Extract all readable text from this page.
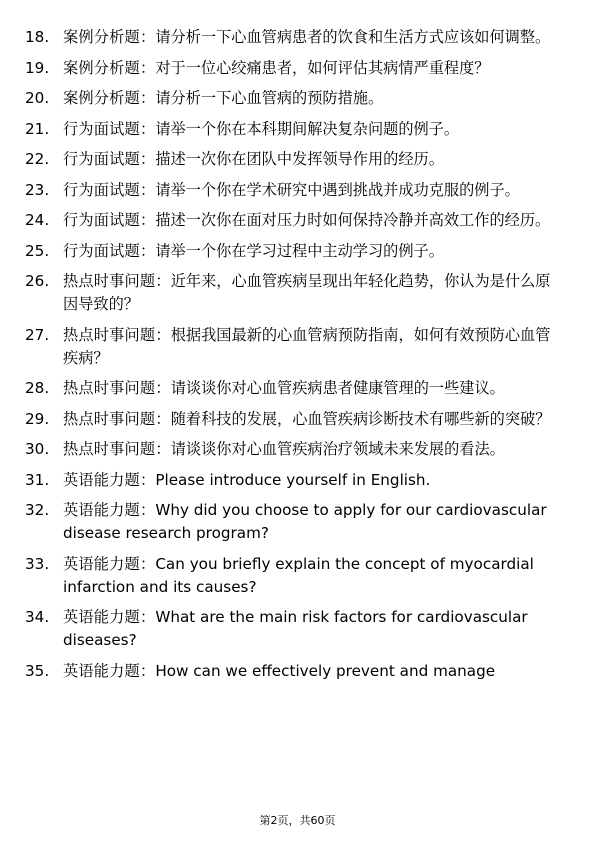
18. 案例分析题：请分析一下心血管病患者的饮食和生活方式应该如何调整。
19. 案例分析题：对于一位心绞痛患者，如何评估其病情严重程度？
20. 案例分析题：请分析一下心血管病的预防措施。
21. 行为面试题：请举一个你在本科期间解决复杂问题的例子。
22. 行为面试题：描述一次你在团队中发挥领导作用的经历。
23. 行为面试题：请举一个你在学术研究中遇到挑战并成功克服的例子。
24. 行为面试题：描述一次你在面对压力时如何保持冷静并高效工作的经历。
25. 行为面试题：请举一个你在学习过程中主动学习的例子。
26. 热点时事问题：近年来，心血管疾病呈现出年轻化趋势，你认为是什么原因导致的？
27. 热点时事问题：根据我国最新的心血管病预防指南，如何有效预防心血管疾病？
28. 热点时事问题：请谈谈你对心血管疾病患者健康管理的一些建议。
29. 热点时事问题：随着科技的发展，心血管疾病诊断技术有哪些新的突破？
30. 热点时事问题：请谈谈你对心血管疾病治疗领域未来发展的看法。
31. 英语能力题：Please introduce yourself in English.
32. 英语能力题：Why did you choose to apply for our cardiovascular disease research program?
33. 英语能力题：Can you briefly explain the concept of myocardial infarction and its causes?
34. 英语能力题：What are the main risk factors for cardiovascular diseases?
35. 英语能力题：How can we effectively prevent and manage
第2页，共60页
